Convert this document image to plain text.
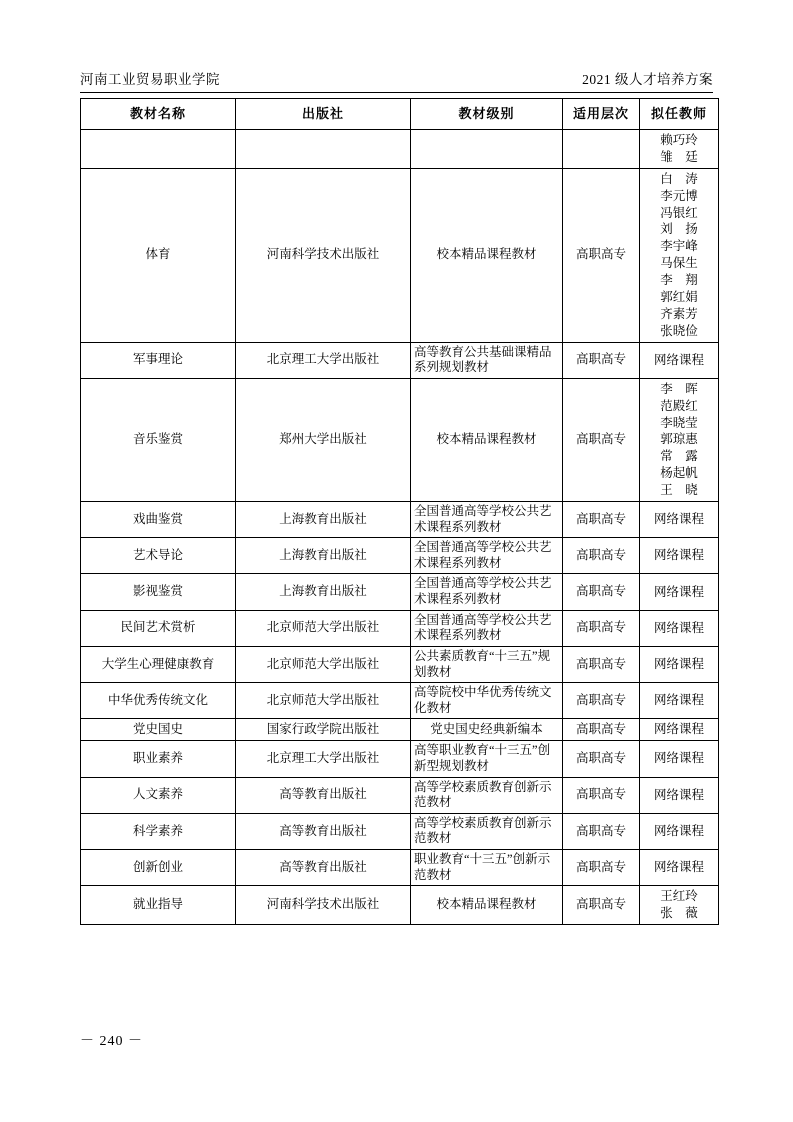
河南工业贸易职业学院	2021 级人才培养方案
教材名称	出版社	教材级别	适用层次	拟任教师

				赖巧玲
雏　廷

体育	河南科学技术出版社	校本精品课程教材	高职高专	
白　涛
李元博
冯银红
刘　扬
李宇峰
马保生
李　翔
郭红娟
齐素芳
张晓俭

军事理论	北京理工大学出版社	高等教育公共基础课精品系列规划教材	高职高专	网络课程

音乐鉴赏	郑州大学出版社	校本精品课程教材	高职高专	
李　晖
范殿红
李晓莹
郭琼惠
常　露
杨起帆
王　晓

戏曲鉴赏	上海教育出版社	全国普通高等学校公共艺术课程系列教材	高职高专	网络课程

艺术导论	上海教育出版社	全国普通高等学校公共艺术课程系列教材	高职高专	网络课程

影视鉴赏	上海教育出版社	全国普通高等学校公共艺术课程系列教材	高职高专	网络课程

民间艺术赏析	北京师范大学出版社	全国普通高等学校公共艺术课程系列教材	高职高专	网络课程

大学生心理健康教育	北京师范大学出版社	公共素质教育“十三五”规划教材	高职高专	网络课程

中华优秀传统文化	北京师范大学出版社	高等院校中华优秀传统文化教材	高职高专	网络课程

党史国史	国家行政学院出版社	党史国史经典新编本	高职高专	网络课程

职业素养	北京理工大学出版社	高等职业教育“十三五”创新型规划教材	高职高专	网络课程

人文素养	高等教育出版社	高等学校素质教育创新示范教材	高职高专	网络课程

科学素养	高等教育出版社	高等学校素质教育创新示范教材	高职高专	网络课程

创新创业	高等教育出版社	职业教育“十三五”创新示范教材	高职高专	网络课程

就业指导	河南科学技术出版社	校本精品课程教材	高职高专	王红玲
张　薇
－ 240 －
